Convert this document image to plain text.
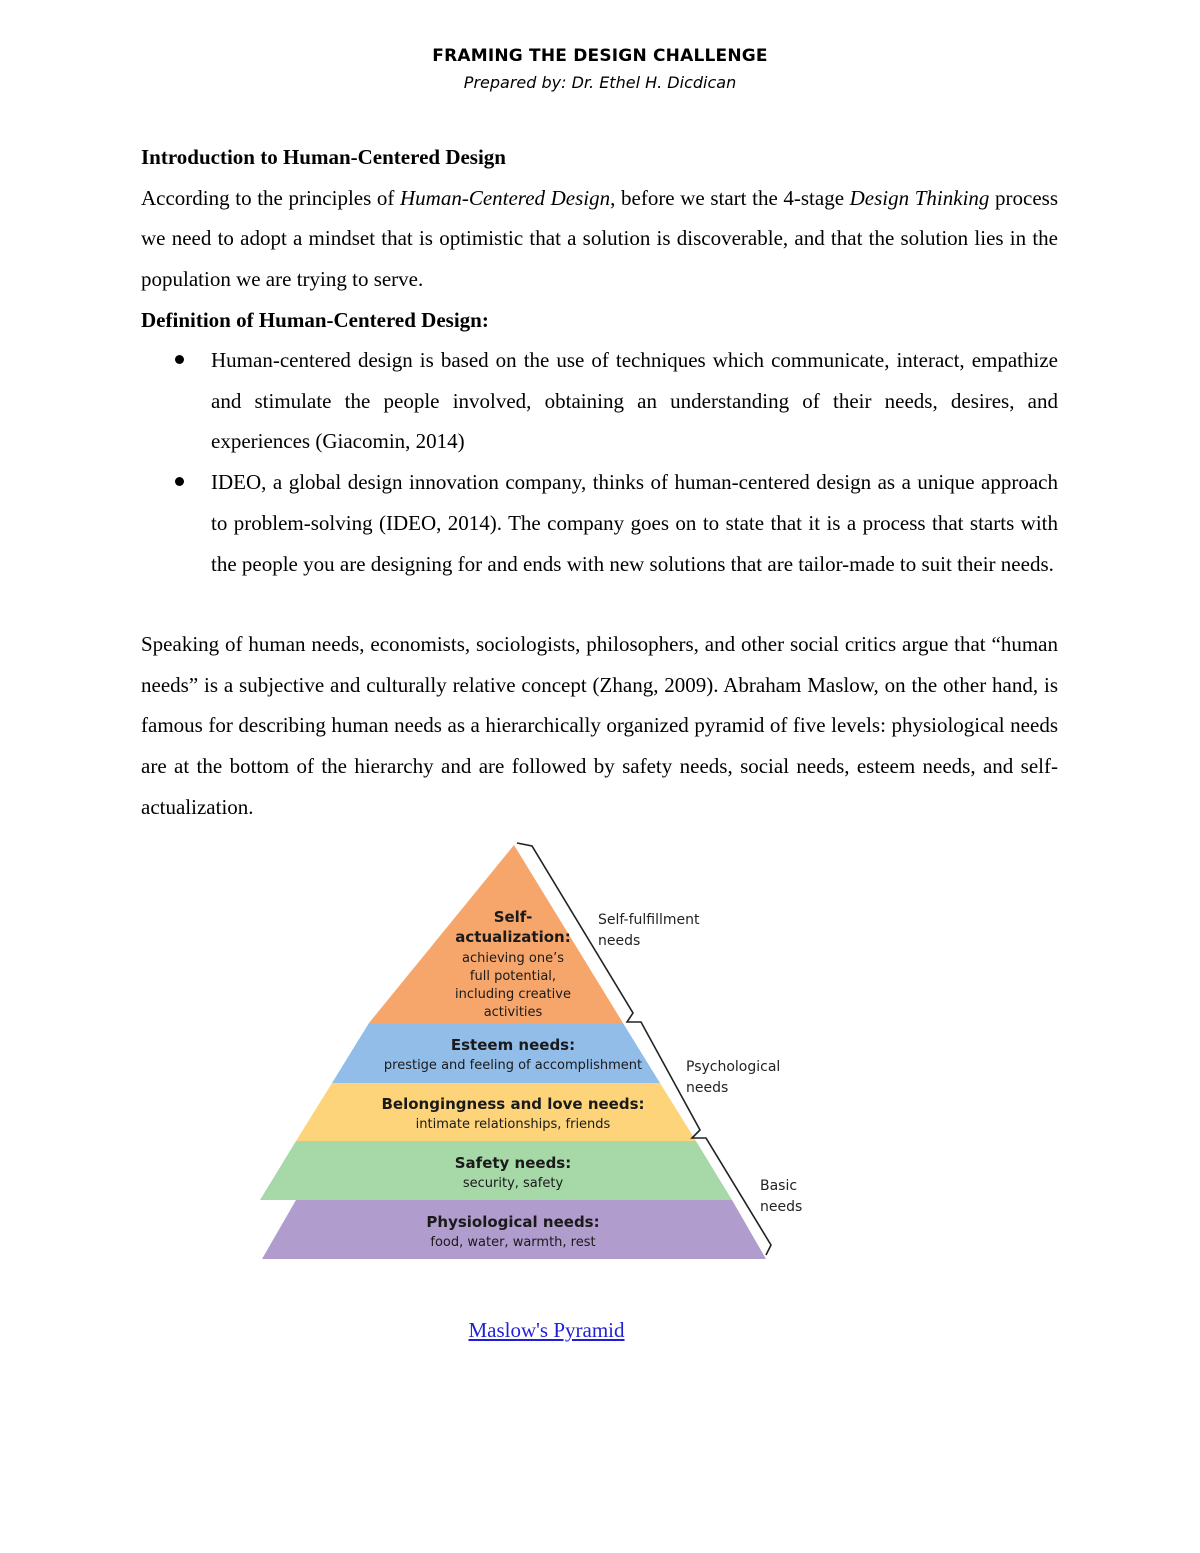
FRAMING THE DESIGN CHALLENGE
Prepared by: Dr. Ethel H. Dicdican
Introduction to Human-Centered Design

According to the principles of Human-Centered Design, before we start the 4-stage Design Thinking process we need to adopt a mindset that is optimistic that a solution is discoverable, and that the solution lies in the population we are trying to serve.

Definition of Human-Centered Design:
Human-centered design is based on the use of techniques which communicate, interact, empathize and stimulate the people involved, obtaining an understanding of their needs, desires, and experiences (Giacomin, 2014)
IDEO, a global design innovation company, thinks of human-centered design as a unique approach to problem-solving (IDEO, 2014). The company goes on to state that it is a process that starts with the people you are designing for and ends with new solutions that are tailor-made to suit their needs.

Speaking of human needs, economists, sociologists, philosophers, and other social critics argue that “human needs” is a subjective and culturally relative concept (Zhang, 2009). Abraham Maslow, on the other hand, is famous for describing human needs as a hierarchically organized pyramid of five levels: physiological needs are at the bottom of the hierarchy and are followed by safety needs, social needs, esteem needs, and self-actualization.

Self-
actualization:
achieving one’s
full potential,
including creative
activities
Esteem needs:
prestige and feeling of accomplishment
Belongingness and love needs:
intimate relationships, friends
Safety needs:
security, safety
Physiological needs:
food, water, warmth, rest
Self-fulfillment
needs
Psychological
needs
Basic
needs
Maslow's Pyramid
